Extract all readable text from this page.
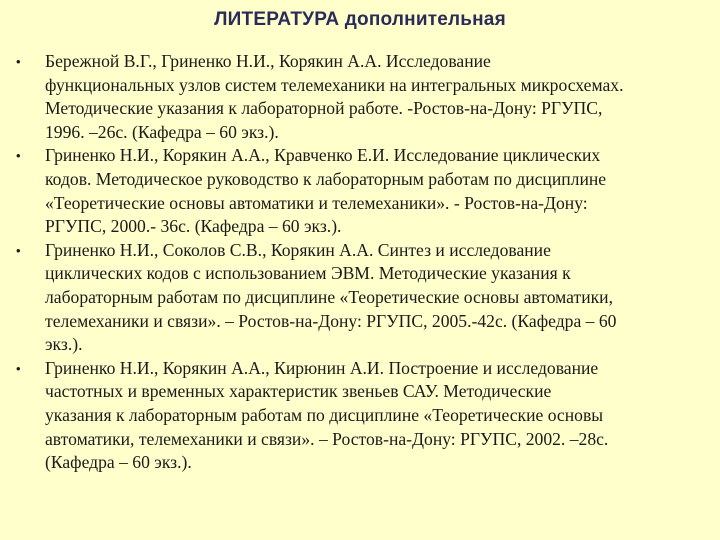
ЛИТЕРАТУРА дополнительная
• Бережной В.Г., Гриненко Н.И., Корякин А.А. Исследование
функциональных узлов систем телемеханики на интегральных микросхемах.
Методические указания к лабораторной работе. -Ростов-на-Дону: РГУПС,
1996. –26с. (Кафедра – 60 экз.).
• Гриненко Н.И., Корякин А.А., Кравченко Е.И. Исследование циклических
кодов. Методическое руководство к лабораторным работам по дисциплине
«Теоретические основы автоматики и телемеханики». - Ростов-на-Дону:
РГУПС, 2000.- 36с. (Кафедра – 60 экз.).
• Гриненко Н.И., Соколов С.В., Корякин А.А. Синтез и исследование
циклических кодов с использованием ЭВМ. Методические указания к
лабораторным работам по дисциплине «Теоретические основы автоматики,
телемеханики и связи». – Ростов-на-Дону: РГУПС, 2005.-42с. (Кафедра – 60
экз.).
• Гриненко Н.И., Корякин А.А., Кирюнин А.И. Построение и исследование
частотных и временных характеристик звеньев САУ. Методические
указания к лабораторным работам по дисциплине «Теоретические основы
автоматики, телемеханики и связи». – Ростов-на-Дону: РГУПС, 2002. –28с.
(Кафедра – 60 экз.).
